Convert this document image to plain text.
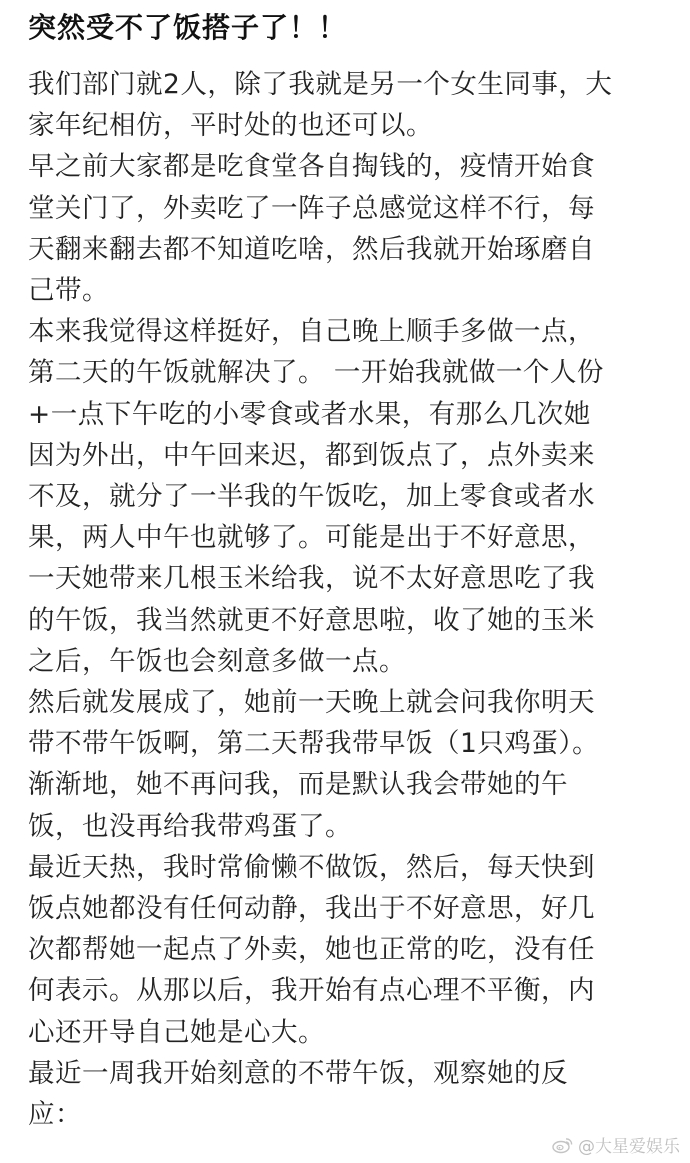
突然受不了饭搭子了！！

我们部门就2人，除了我就是另一个女生同事，大

家年纪相仿，平时处的也还可以。

早之前大家都是吃食堂各自掏钱的，疫情开始食

堂关门了，外卖吃了一阵子总感觉这样不行，每

天翻来翻去都不知道吃啥，然后我就开始琢磨自

己带。

本来我觉得这样挺好，自己晚上顺手多做一点，

第二天的午饭就解决了。 一开始我就做一个人份

+一点下午吃的小零食或者水果，有那么几次她

因为外出，中午回来迟，都到饭点了，点外卖来

不及，就分了一半我的午饭吃，加上零食或者水

果，两人中午也就够了。可能是出于不好意思，

一天她带来几根玉米给我，说不太好意思吃了我

的午饭，我当然就更不好意思啦，收了她的玉米

之后，午饭也会刻意多做一点。

然后就发展成了，她前一天晚上就会问我你明天

带不带午饭啊，第二天帮我带早饭（1只鸡蛋）。

渐渐地，她不再问我，而是默认我会带她的午

饭，也没再给我带鸡蛋了。

最近天热，我时常偷懒不做饭，然后，每天快到

饭点她都没有任何动静，我出于不好意思，好几

次都帮她一起点了外卖，她也正常的吃，没有任

何表示。从那以后，我开始有点心理不平衡，内

心还开导自己她是心大。

最近一周我开始刻意的不带午饭，观察她的反

应：

@大星爱娱乐
